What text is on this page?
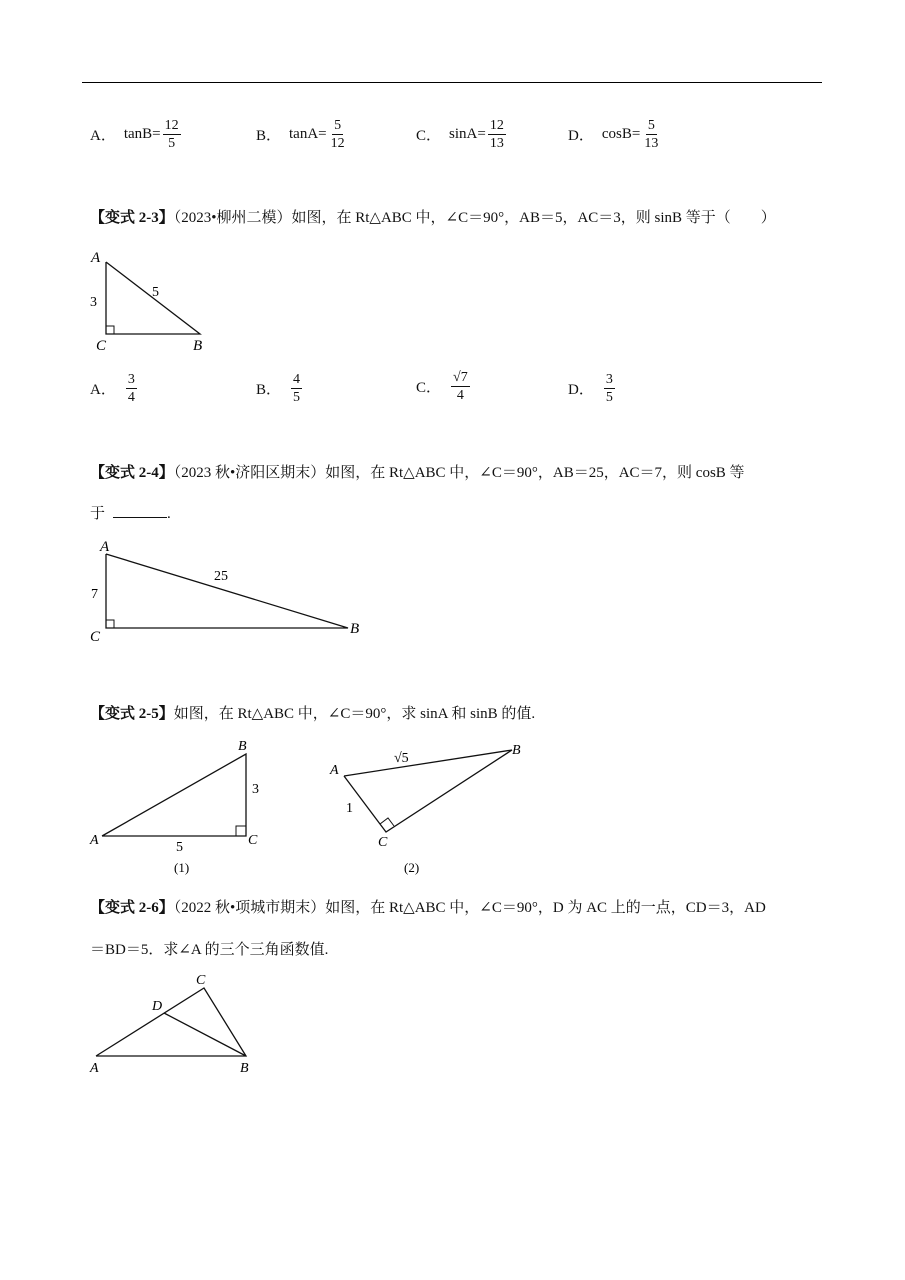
A． $\tan B= \frac{12}{5}$	B． $\tan A= \frac{5}{12}$	C． $\sin A= \frac{12}{13}$	D． $\cos B= \frac{5}{13}$
【变式 2-3】（2023•柳州二模）如图，在 Rt△ABC 中，∠C＝90°，AB＝5，AC＝3，则 sinB 等于（　　）
A
C	B
3
5
A． $\frac{3}{4}$	B． $\frac{4}{5}$	C． $\frac{√7}{4}$	D． $\frac{3}{5}$
【变式 2-4】（2023 秋•济阳区期末）如图，在 Rt△ABC 中，∠C＝90°，AB＝25，AC＝7，则 cosB 等
于	.
A
C	B
7
25
【变式 2-5】如图，在 Rt△ABC 中，∠C＝90°，求 sinA 和 sinB 的值.
A
B
C
3
5
(1)
A
B
C
√5
1
(2)
【变式 2-6】（2022 秋•项城市期末）如图，在 Rt△ABC 中，∠C＝90°，D 为 AC 上的一点，CD＝3，AD
＝BD＝5．求∠A 的三个三角函数值.
A	B
C
D
